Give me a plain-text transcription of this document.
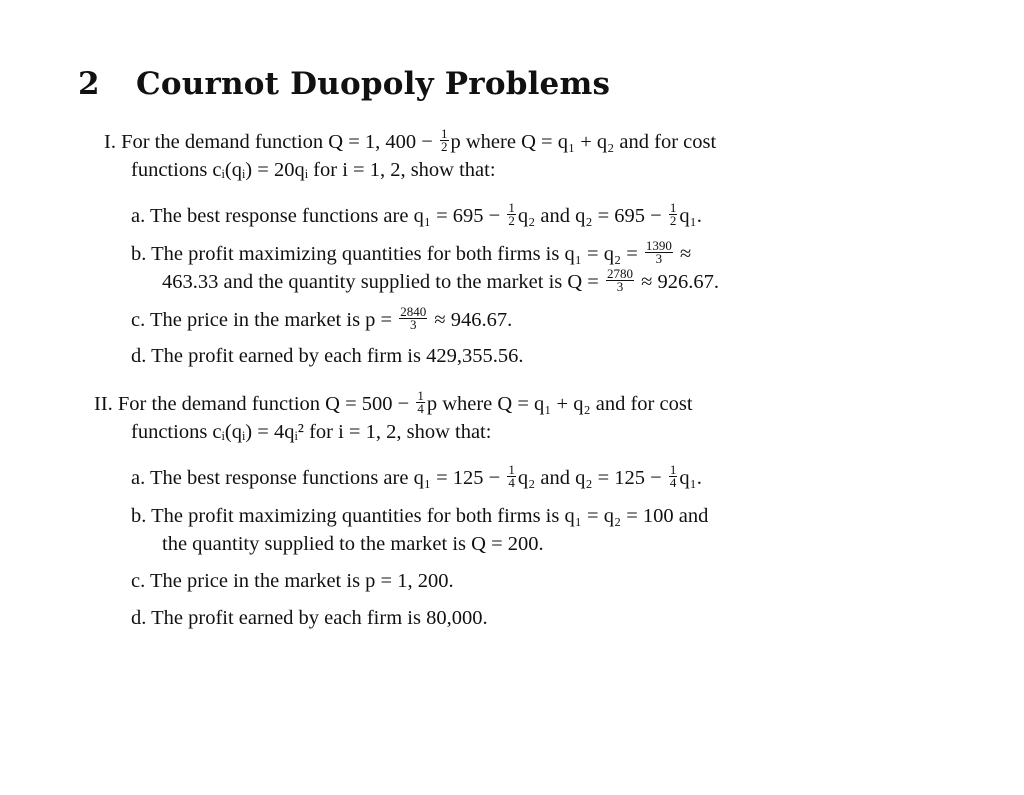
2 Cournot Duopoly Problems
I. For the demand function Q = 1, $400 - \frac{1}{2}$ p where Q = q₁ + q₂ and for cost
functions cᵢ(qᵢ) = 20qᵢ for i = 1, 2, show that:
a. The best response functions are $q_1 = 695 - \frac{1}{2} q_2$ and $q_2 = 695 - \frac{1}{2} q_1$.
b. The profit maximizing quantities for both firms is $q_1 = q_2 = \frac{1390}{3}$ ≈
463.33 and the quantity supplied to the market is $Q = \frac{2780}{3} \approx 926.67$.
c. The price in the market is $p = \frac{2840}{3} \approx 946.67$.
d. The profit earned by each firm is 429,355.56.
II. For the demand function $Q = 500 - \frac{1}{4}$ p where Q = q₁ + q₂ and for cost
functions cᵢ(qᵢ) = 4qᵢ² for i = 1, 2, show that:
a. The best response functions are $q_1 = 125 - \frac{1}{4} q_2$ and $q_2 = 125 - \frac{1}{4} q_1$.
b. The profit maximizing quantities for both firms is q₁ = q₂ = 100 and
the quantity supplied to the market is Q = 200.
c. The price in the market is p = 1, 200.
d. The profit earned by each firm is 80,000.
